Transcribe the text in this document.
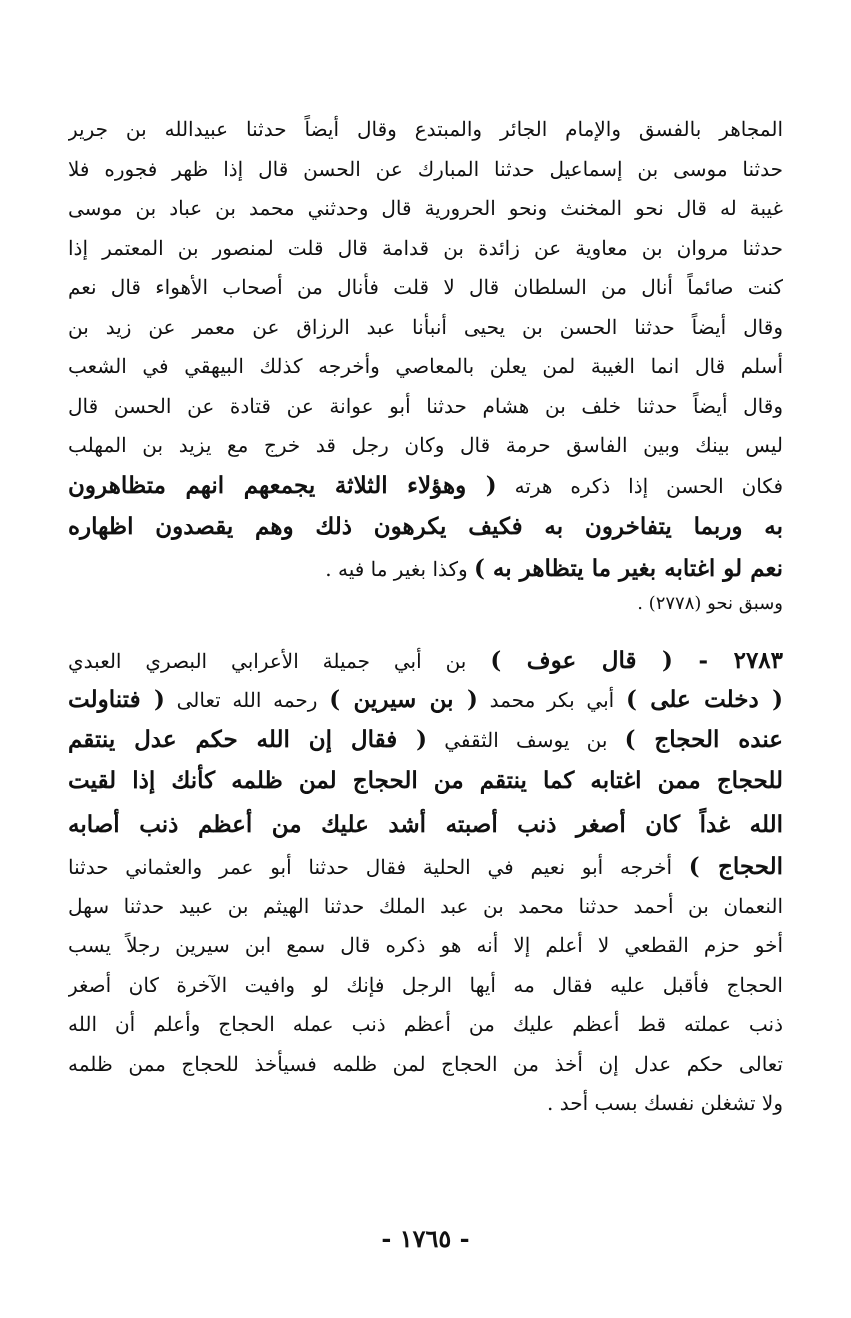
المجاهر بالفسق والإمام الجائر والمبتدع وقال أيضاً حدثنا عبيدالله بن جرير
حدثنا موسى بن إسماعيل حدثنا المبارك عن الحسن قال إذا ظهر فجوره فلا
غيبة له قال نحو المخنث ونحو الحرورية قال وحدثني محمد بن عباد بن موسى
حدثنا مروان بن معاوية عن زائدة بن قدامة قال قلت لمنصور بن المعتمر إذا
كنت صائماً أنال من السلطان قال لا قلت فأنال من أصحاب الأهواء قال نعم
وقال أيضاً حدثنا الحسن بن يحيى أنبأنا عبد الرزاق عن معمر عن زيد بن
أسلم قال انما الغيبة لمن يعلن بالمعاصي وأخرجه كذلك البيهقي في الشعب
وقال أيضاً حدثنا خلف بن هشام حدثنا أبو عوانة عن قتادة عن الحسن قال
ليس بينك وبين الفاسق حرمة قال وكان رجل قد خرج مع يزيد بن المهلب
فكان الحسن إذا ذكره هرته ( وهؤلاء الثلاثة يجمعهم انهم متظاهرون
به وربما يتفاخرون به فكيف يكرهون ذلك وهم يقصدون اظهاره
نعم لو اغتابه بغير ما يتظاهر به ) وكذا بغير ما فيه .
وسبق نحو (٢٧٧٨) .
٢٧٨٣ - ( قال عوف ) بن أبي جميلة الأعرابي البصري العبدي
( دخلت على ) أبي بكر محمد ( بن سيرين ) رحمه الله تعالى ( فتناولت
عنده الحجاج ) بن يوسف الثقفي ( فقال إن الله حكم عدل ينتقم
للحجاج ممن اغتابه كما ينتقم من الحجاج لمن ظلمه كأنك إذا لقيت
الله غداً كان أصغر ذنب أصبته أشد عليك من أعظم ذنب أصابه
الحجاج ) أخرجه أبو نعيم في الحلية فقال حدثنا أبو عمر والعثماني حدثنا
النعمان بن أحمد حدثنا محمد بن عبد الملك حدثنا الهيثم بن عبيد حدثنا سهل
أخو حزم القطعي لا أعلم إلا أنه هو ذكره قال سمع ابن سيرين رجلاً يسب
الحجاج فأقبل عليه فقال مه أيها الرجل فإنك لو وافيت الآخرة كان أصغر
ذنب عملته قط أعظم عليك من أعظم ذنب عمله الحجاج وأعلم أن الله
تعالى حكم عدل إن أخذ من الحجاج لمن ظلمه فسيأخذ للحجاج ممن ظلمه
ولا تشغلن نفسك بسب أحد .
- ١٧٦٥ -
